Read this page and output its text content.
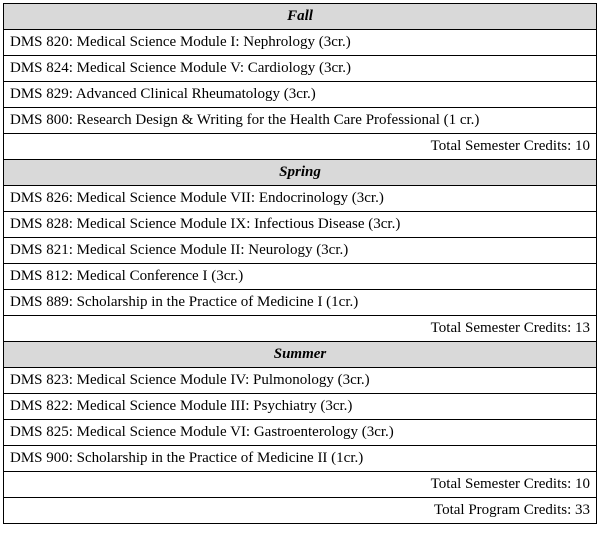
Fall
DMS 820: Medical Science Module I: Nephrology (3cr.)
DMS 824: Medical Science Module V: Cardiology (3cr.)
DMS 829: Advanced Clinical Rheumatology (3cr.)
DMS 800: Research Design & Writing for the Health Care Professional (1 cr.)
Total Semester Credits: 10
Spring
DMS 826: Medical Science Module VII: Endocrinology (3cr.)
DMS 828: Medical Science Module IX: Infectious Disease (3cr.)
DMS 821: Medical Science Module II: Neurology (3cr.)
DMS 812: Medical Conference I (3cr.)
DMS 889: Scholarship in the Practice of Medicine I (1cr.)
Total Semester Credits: 13
Summer
DMS 823: Medical Science Module IV: Pulmonology (3cr.)
DMS 822: Medical Science Module III: Psychiatry (3cr.)
DMS 825: Medical Science Module VI: Gastroenterology (3cr.)
DMS 900: Scholarship in the Practice of Medicine II (1cr.)
Total Semester Credits: 10
Total Program Credits: 33
